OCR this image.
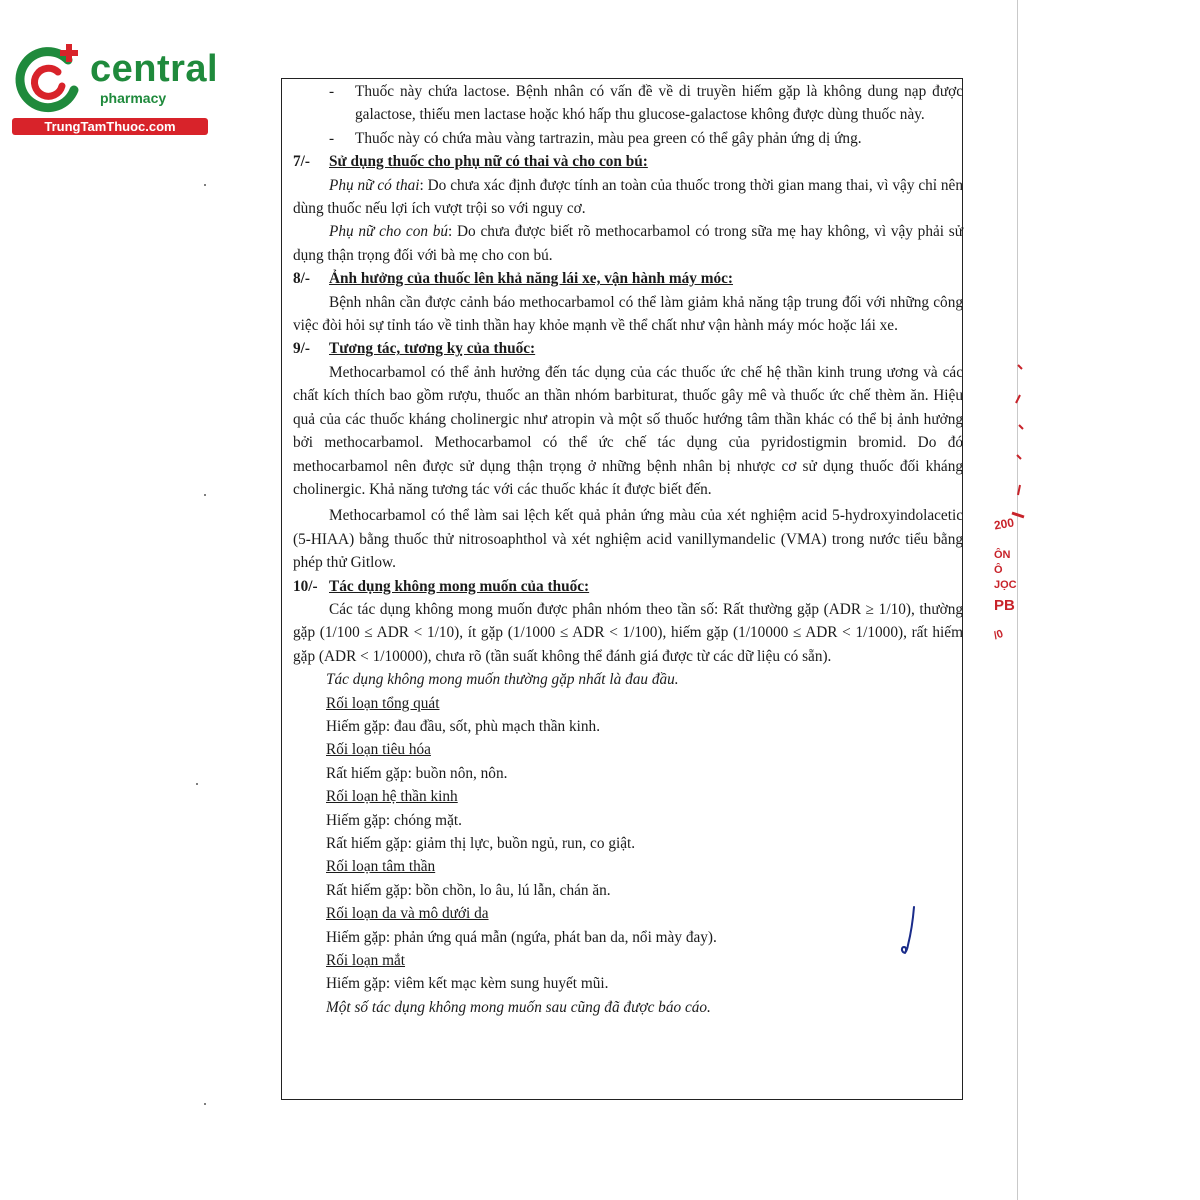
central
pharmacy
TrungTamThuoc.com
200
ÔN
Ô
JỌC
PB
/0

- Thuốc này chứa lactose. Bệnh nhân có vấn đề về di truyền hiếm gặp là không dung nạp được galactose, thiếu men lactase hoặc khó hấp thu glucose-galactose không được dùng thuốc này.

- Thuốc này có chứa màu vàng tartrazin, màu pea green có thể gây phản ứng dị ứng.

7/- Sử dụng thuốc cho phụ nữ có thai và cho con bú:

Phụ nữ có thai: Do chưa xác định được tính an toàn của thuốc trong thời gian mang thai, vì vậy chỉ nên dùng thuốc nếu lợi ích vượt trội so với nguy cơ.

Phụ nữ cho con bú: Do chưa được biết rõ methocarbamol có trong sữa mẹ hay không, vì vậy phải sử dụng thận trọng đối với bà mẹ cho con bú.

8/- Ảnh hưởng của thuốc lên khả năng lái xe, vận hành máy móc:

Bệnh nhân cần được cảnh báo methocarbamol có thể làm giảm khả năng tập trung đối với những công việc đòi hỏi sự tỉnh táo về tinh thần hay khỏe mạnh về thể chất như vận hành máy móc hoặc lái xe.

9/- Tương tác, tương kỵ của thuốc:

Methocarbamol có thể ảnh hưởng đến tác dụng của các thuốc ức chế hệ thần kinh trung ương và các chất kích thích bao gồm rượu, thuốc an thần nhóm barbiturat, thuốc gây mê và thuốc ức chế thèm ăn. Hiệu quả của các thuốc kháng cholinergic như atropin và một số thuốc hướng tâm thần khác có thể bị ảnh hưởng bởi methocarbamol. Methocarbamol có thể ức chế tác dụng của pyridostigmin bromid. Do đó methocarbamol nên được sử dụng thận trọng ở những bệnh nhân bị nhược cơ sử dụng thuốc đối kháng cholinergic. Khả năng tương tác với các thuốc khác ít được biết đến.

Methocarbamol có thể làm sai lệch kết quả phản ứng màu của xét nghiệm acid 5-hydroxyindolacetic (5-HIAA) bằng thuốc thử nitrosoaphthol và xét nghiệm acid vanillymandelic (VMA) trong nước tiểu bằng phép thử Gitlow.

10/- Tác dụng không mong muốn của thuốc:

Các tác dụng không mong muốn được phân nhóm theo tần số: Rất thường gặp (ADR ≥ 1/10), thường gặp (1/100 ≤ ADR < 1/10), ít gặp (1/1000 ≤ ADR < 1/100), hiếm gặp (1/10000 ≤ ADR < 1/1000), rất hiếm gặp (ADR < 1/10000), chưa rõ (tần suất không thể đánh giá được từ các dữ liệu có sẵn).

Tác dụng không mong muốn thường gặp nhất là đau đầu.

Rối loạn tổng quát

Hiếm gặp: đau đầu, sốt, phù mạch thần kinh.

Rối loạn tiêu hóa

Rất hiếm gặp: buồn nôn, nôn.

Rối loạn hệ thần kinh

Hiếm gặp: chóng mặt.

Rất hiếm gặp: giảm thị lực, buồn ngủ, run, co giật.

Rối loạn tâm thần

Rất hiếm gặp: bồn chồn, lo âu, lú lẫn, chán ăn.

Rối loạn da và mô dưới da

Hiếm gặp: phản ứng quá mẫn (ngứa, phát ban da, nổi mày đay).

Rối loạn mắt

Hiếm gặp: viêm kết mạc kèm sung huyết mũi.

Một số tác dụng không mong muốn sau cũng đã được báo cáo.
